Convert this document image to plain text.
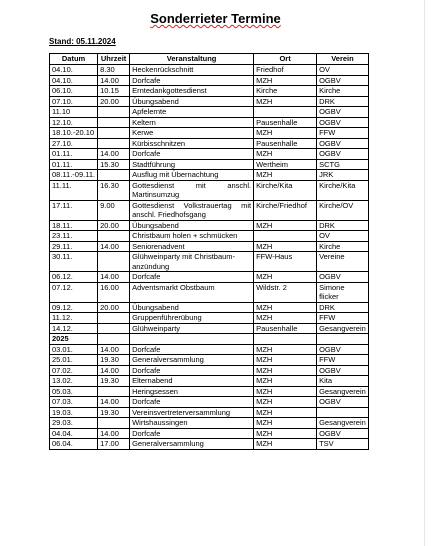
Sonderrieter Termine
Stand: 05.11.2024
Datum	Uhrzeit	Veranstaltung	Ort	Verein
04.10.	8.30	Heckenrückschnitt	Friedhof	OV
04.10.	14.00	Dorfcafe	MZH	OGBV
06.10.	10.15	Erntedankgottesdienst	Kirche	Kirche
07.10.	20.00	Übungsabend	MZH	DRK
11.10		Apfelernte		OGBV
12.10.		Keltern	Pausenhalle	OGBV
18.10.-20.10		Kerwe	MZH	FFW
27.10.		Kürbisschnitzen	Pausenhalle	OGBV
01.11.	14.00	Dorfcafe	MZH	OGBV
01.11.	15.30	Stadtführung	Wertheim	SCTG
08.11.-09.11.		Ausflug mit Übernachtung	MZH	JRK
11.11.	16.30	Gottesdienst mit anschl. Martinsumzug	Kirche/Kita	Kirche/Kita
17.11.	9.00	Gottesdienst Volkstrauertag mit anschl. Friedhofsgang	Kirche/Friedhof	Kirche/OV
18.11.	20.00	Übungsabend	MZH	DRK
23.11.		Christbaum holen + schmücken		OV
29.11.	14.00	Seniorenadvent	MZH	Kirche
30.11.		Glühweinparty mit Christbaum-anzündung	FFW-Haus	Vereine
06.12.	14.00	Dorfcafe	MZH	OGBV
07.12.	16.00	Adventsmarkt Obstbaum	Wildstr. 2	Simone flicker
09.12.	20.00	Übungsabend	MZH	DRK
11.12.		Gruppenführerübung	MZH	FFW
14.12.		Glühweinparty	Pausenhalle	Gesangverein
2025				
03.01.	14.00	Dorfcafe	MZH	OGBV
25.01.	19.30	Generalversammlung	MZH	FFW
07.02.	14.00	Dorfcafe	MZH	OGBV
13.02.	19.30	Elternabend	MZH	Kita
05.03.		Heringsessen	MZH	Gesangverein
07.03.	14.00	Dorfcafe	MZH	OGBV
19.03.	19.30	Vereinsvertreterversammlung	MZH	
29.03.		Wirtshaussingen	MZH	Gesangverein
04.04.	14.00	Dorfcafe	MZH	OGBV
06.04.	17.00	Generalversammlung	MZH	TSV
